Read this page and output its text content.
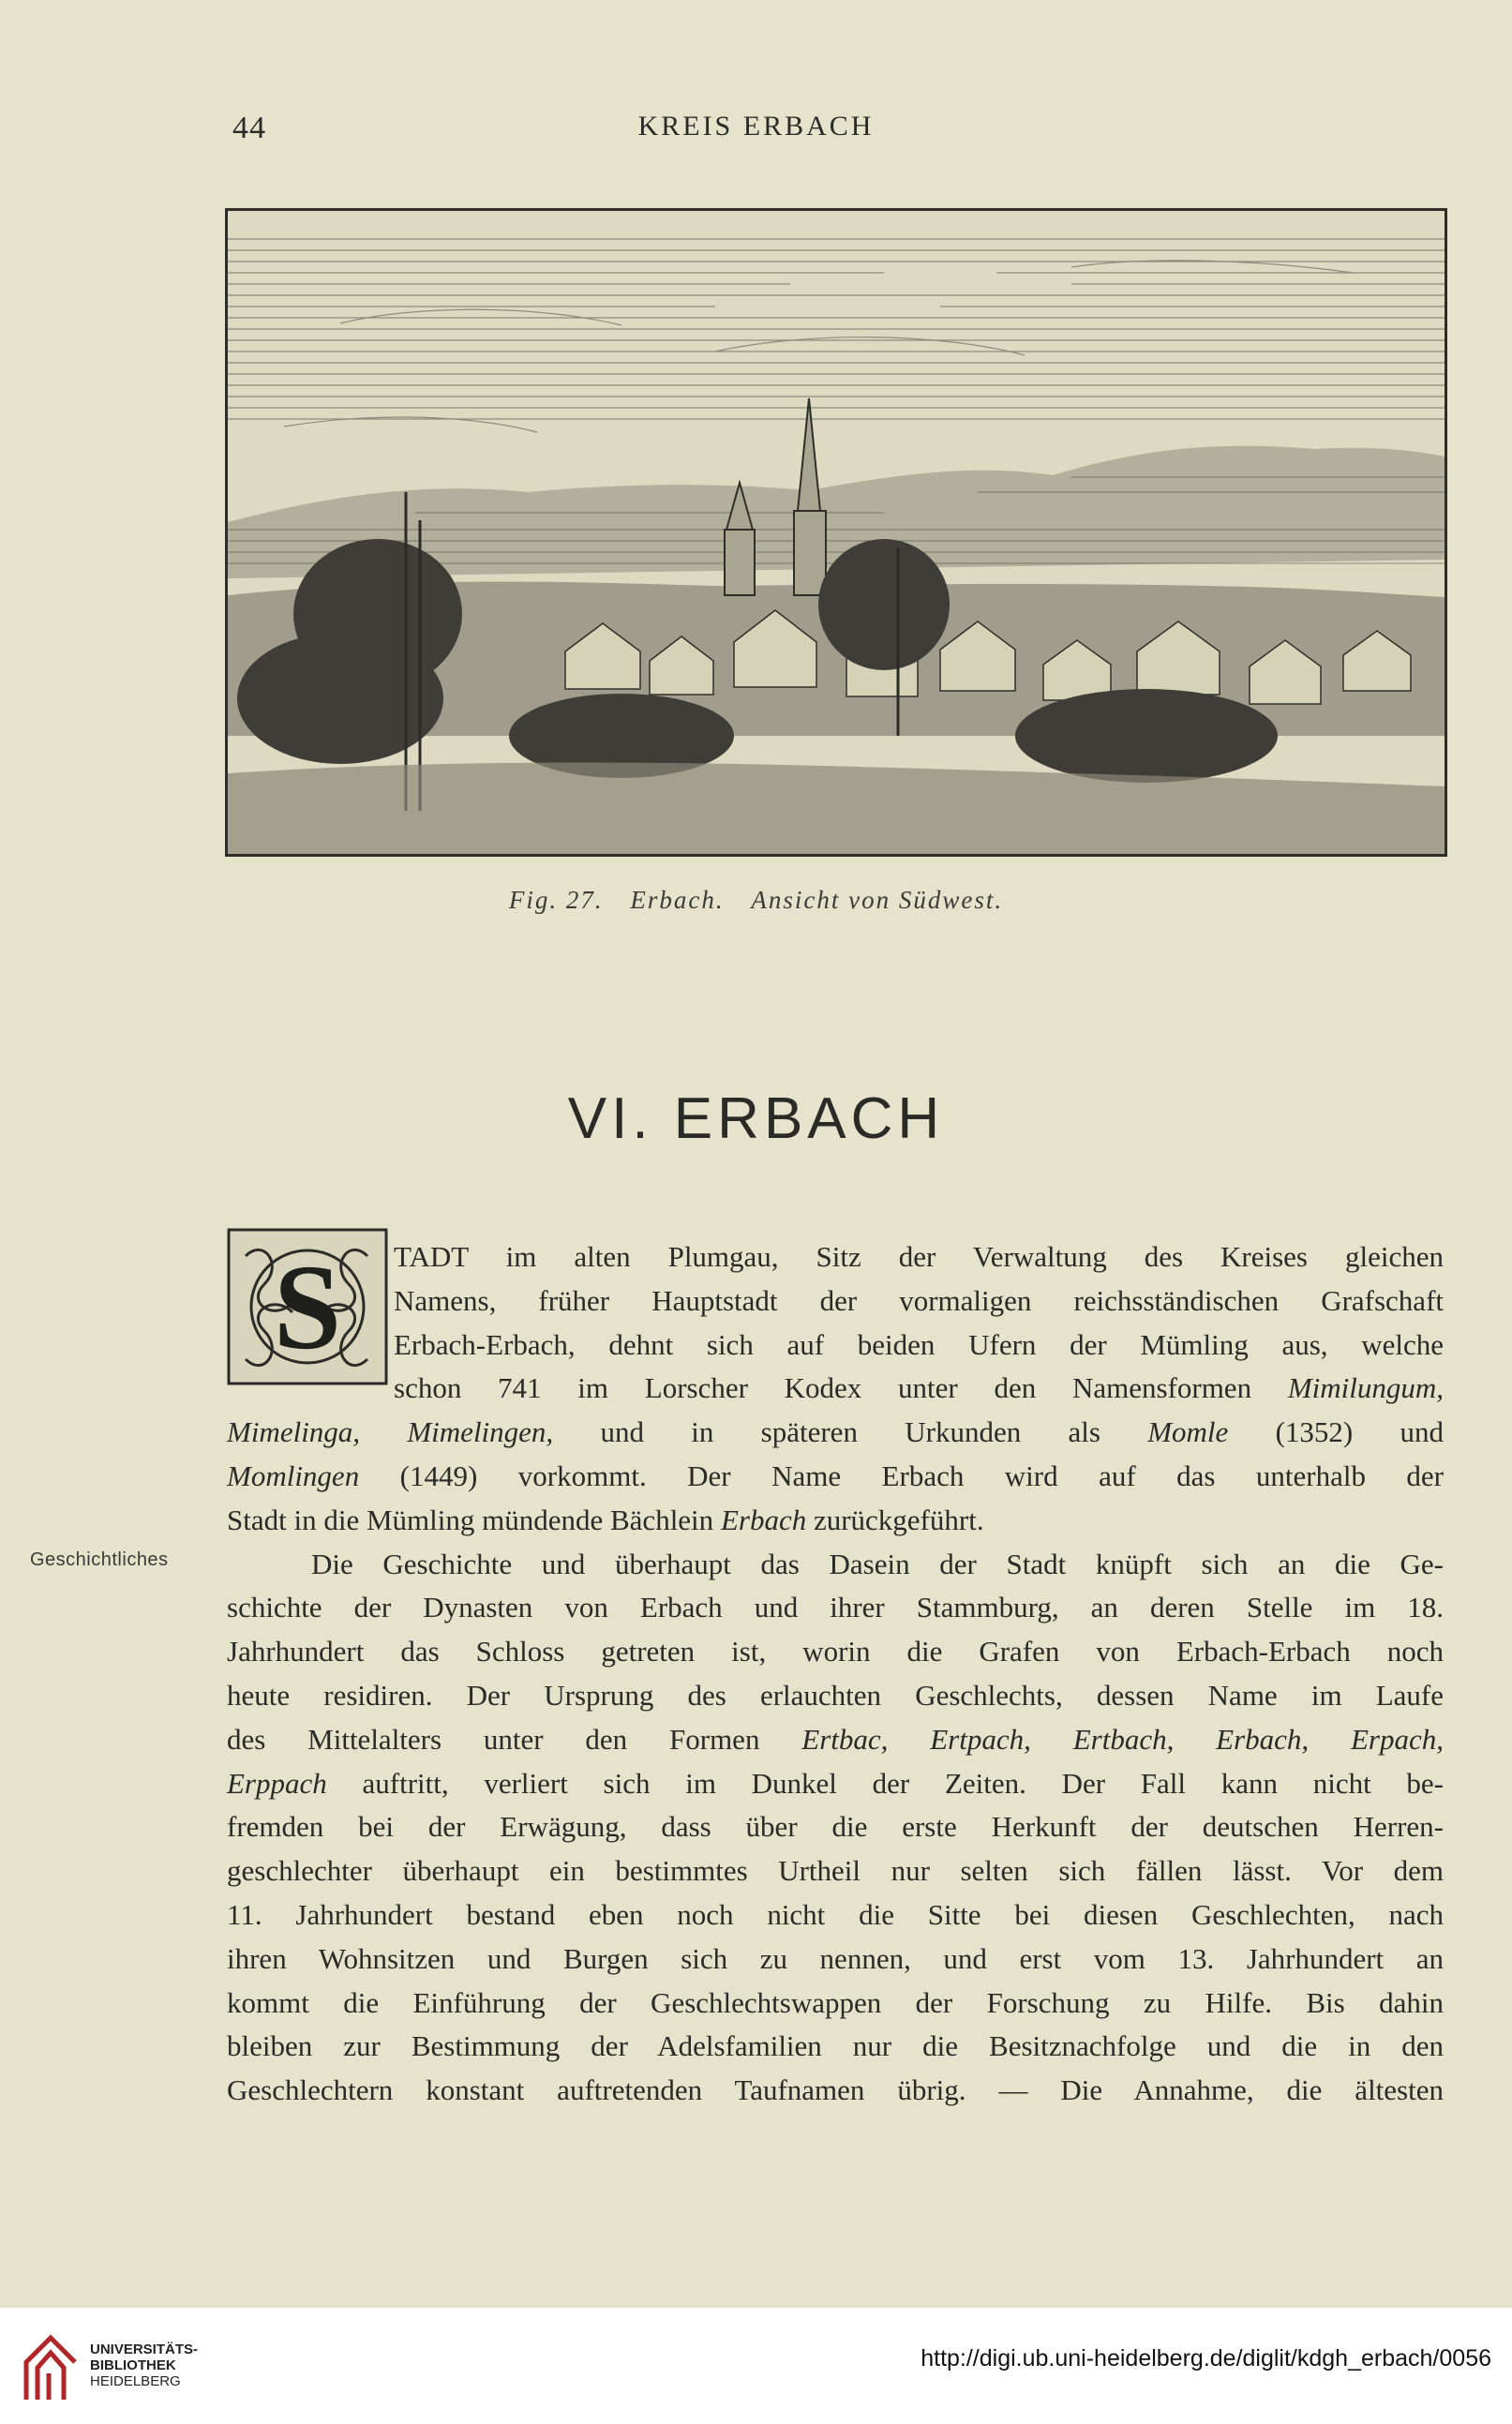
44	KREIS ERBACH
Fig. 27. Erbach. Ansicht von Südwest.
VI. ERBACH
S
Geschichtliches
TADT im alten Plumgau, Sitz der Verwaltung des Kreises gleichen
Namens, früher Hauptstadt der vormaligen reichsständischen Grafschaft
Erbach-Erbach, dehnt sich auf beiden Ufern der Mümling aus, welche
schon 741 im Lorscher Kodex unter den Namensformen Mimilungum,
Mimelinga, Mimelingen, und in späteren Urkunden als Momle (1352) und
Momlingen (1449) vorkommt. Der Name Erbach wird auf das unterhalb der
Stadt in die Mümling mündende Bächlein Erbach zurückgeführt.
Die Geschichte und überhaupt das Dasein der Stadt knüpft sich an die Ge-
schichte der Dynasten von Erbach und ihrer Stammburg, an deren Stelle im 18.
Jahrhundert das Schloss getreten ist, worin die Grafen von Erbach-Erbach noch
heute residiren. Der Ursprung des erlauchten Geschlechts, dessen Name im Laufe
des Mittelalters unter den Formen Ertbac, Ertpach, Ertbach, Erbach, Erpach,
Erppach auftritt, verliert sich im Dunkel der Zeiten. Der Fall kann nicht be-
fremden bei der Erwägung, dass über die erste Herkunft der deutschen Herren-
geschlechter überhaupt ein bestimmtes Urtheil nur selten sich fällen lässt. Vor dem
11. Jahrhundert bestand eben noch nicht die Sitte bei diesen Geschlechten, nach
ihren Wohnsitzen und Burgen sich zu nennen, und erst vom 13. Jahrhundert an
kommt die Einführung der Geschlechtswappen der Forschung zu Hilfe. Bis dahin
bleiben zur Bestimmung der Adelsfamilien nur die Besitznachfolge und die in den
Geschlechtern konstant auftretenden Taufnamen übrig. — Die Annahme, die ältesten
UNIVERSITÄTS-
BIBLIOTHEK
HEIDELBERG
http://digi.ub.uni-heidelberg.de/diglit/kdgh_erbach/0056
